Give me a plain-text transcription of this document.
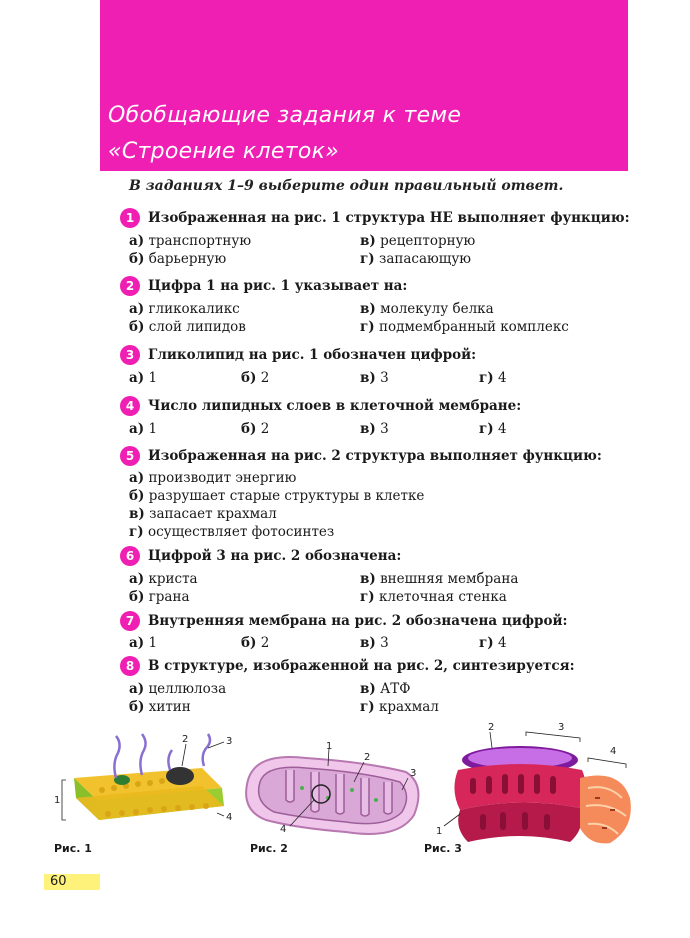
Обобщающие задания к теме
«Строение клеток»
В заданиях 1–9 выберите один правильный ответ.
1	Изображенная на рис. 1 структура НЕ выполняет функцию:
а) транспортную	в) рецепторную
б) барьерную	г) запасающую
2	Цифра 1 на рис. 1 указывает на:
а) гликокаликс	в) молекулу белка
б) слой липидов	г) подмембранный комплекс
3	Гликолипид на рис. 1 обозначен цифрой:
а) 1	б) 2	в) 3	г) 4
4	Число липидных слоев в клеточной мембране:
а) 1	б) 2	в) 3	г) 4
5	Изображенная на рис. 2 структура выполняет функцию:
а) производит энергию
б) разрушает старые структуры в клетке
в) запасает крахмал
г) осуществляет фотосинтез
6	Цифрой 3 на рис. 2 обозначена:
а) криста	в) внешняя мембрана
б) грана	г) клеточная стенка
7	Внутренняя мембрана на рис. 2 обозначена цифрой:
а) 1	б) 2	в) 3	г) 4
8	В структуре, изображенной на рис. 2, синтезируется:
а) целлюлоза	в) АТФ
б) хитин	г) крахмал
1
2	3
4
Рис. 1
1
2
3
4
Рис. 2
2	3
4
1
Рис. 3
60
